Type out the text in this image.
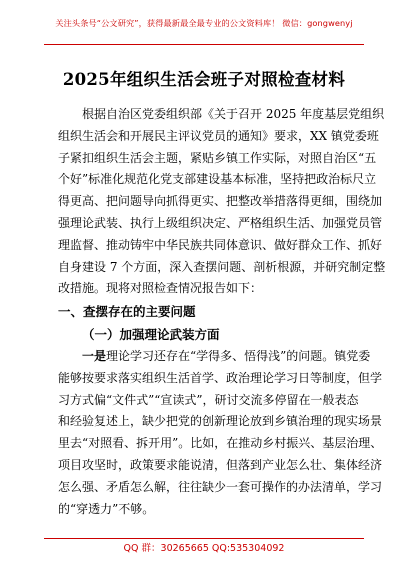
关注头条号“公文研究”，获得最新最全最专业的公文资料库！ 微信：gongwenyj
2025年组织生活会班子对照检查材料
根据自治区党委组织部《关于召开 2025 年度基层党组织
组织生活会和开展民主评议党员的通知》要求，XX 镇党委班
子紧扣组织生活会主题，紧贴乡镇工作实际，对照自治区“五
个好”标准化规范化党支部建设基本标准，坚持把政治标尺立
得更高、把问题导向抓得更实、把整改举措落得更细，围绕加
强理论武装、执行上级组织决定、严格组织生活、加强党员管
理监督、推动铸牢中华民族共同体意识、做好群众工作、抓好
自身建设 7 个方面，深入查摆问题、剖析根源，并研究制定整
改措施。现将对照检查情况报告如下：
一、查摆存在的主要问题
（一）加强理论武装方面
一是理论学习还存在“学得多、悟得浅”的问题。镇党委
能够按要求落实组织生活首学、政治理论学习日等制度，但学
习方式偏“文件式”“宣读式”，研讨交流多停留在一般表态
和经验复述上，缺少把党的创新理论放到乡镇治理的现实场景
里去“对照看、拆开用”。比如，在推动乡村振兴、基层治理、
项目攻坚时，政策要求能说清，但落到产业怎么壮、集体经济
怎么强、矛盾怎么解，往往缺少一套可操作的办法清单，学习
的“穿透力”不够。
QQ 群：30265665 QQ:535304092
